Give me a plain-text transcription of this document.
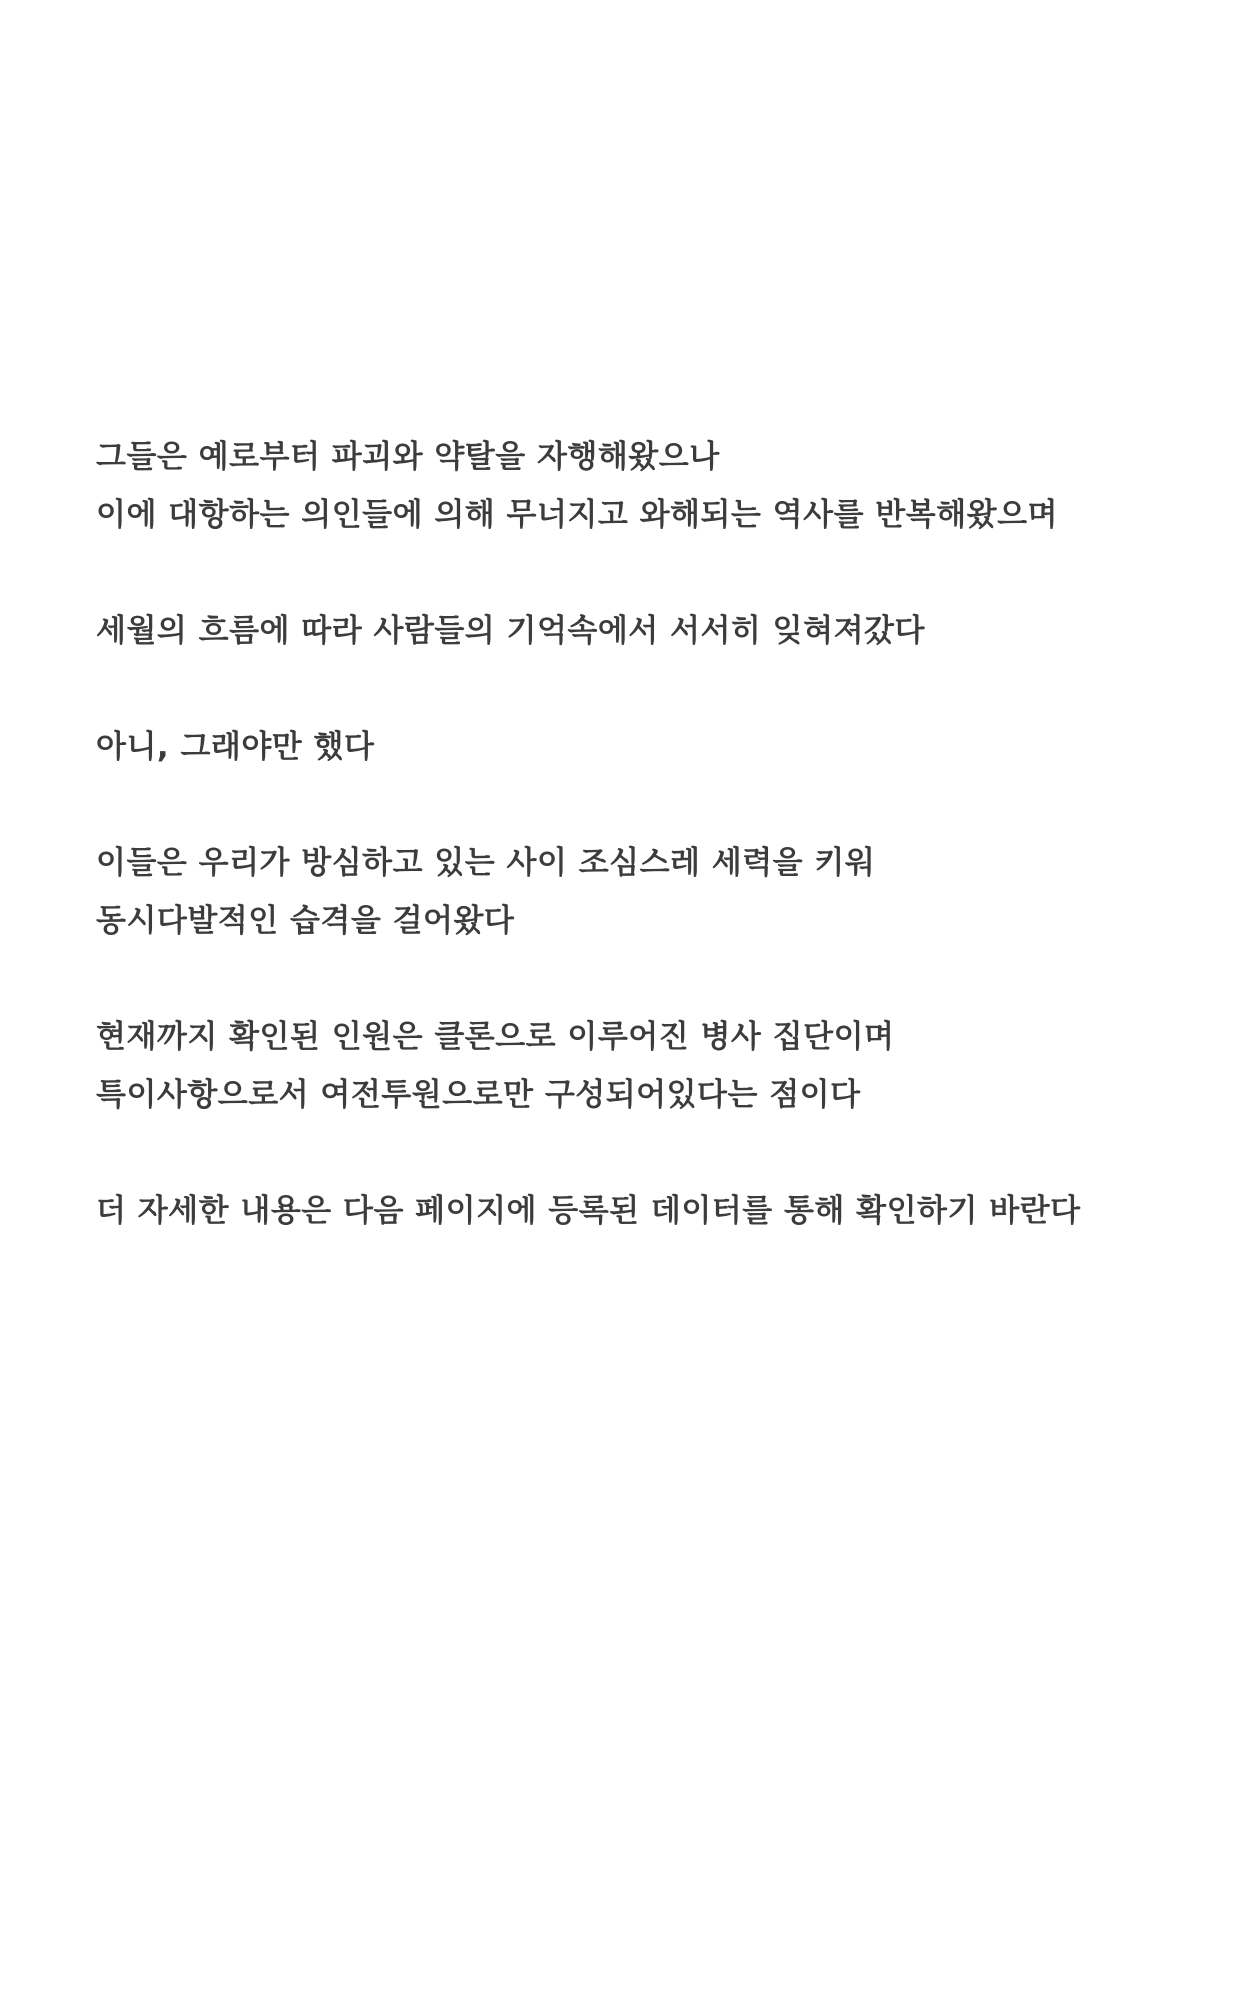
그들은 예로부터 파괴와 약탈을 자행해왔으나
이에 대항하는 의인들에 의해 무너지고 와해되는 역사를 반복해왔으며
세월의 흐름에 따라 사람들의 기억속에서 서서히 잊혀져갔다
아니, 그래야만 했다
이들은 우리가 방심하고 있는 사이 조심스레 세력을 키워
동시다발적인 습격을 걸어왔다
현재까지 확인된 인원은 클론으로 이루어진 병사 집단이며
특이사항으로서 여전투원으로만 구성되어있다는 점이다
더 자세한 내용은 다음 페이지에 등록된 데이터를 통해 확인하기 바란다
